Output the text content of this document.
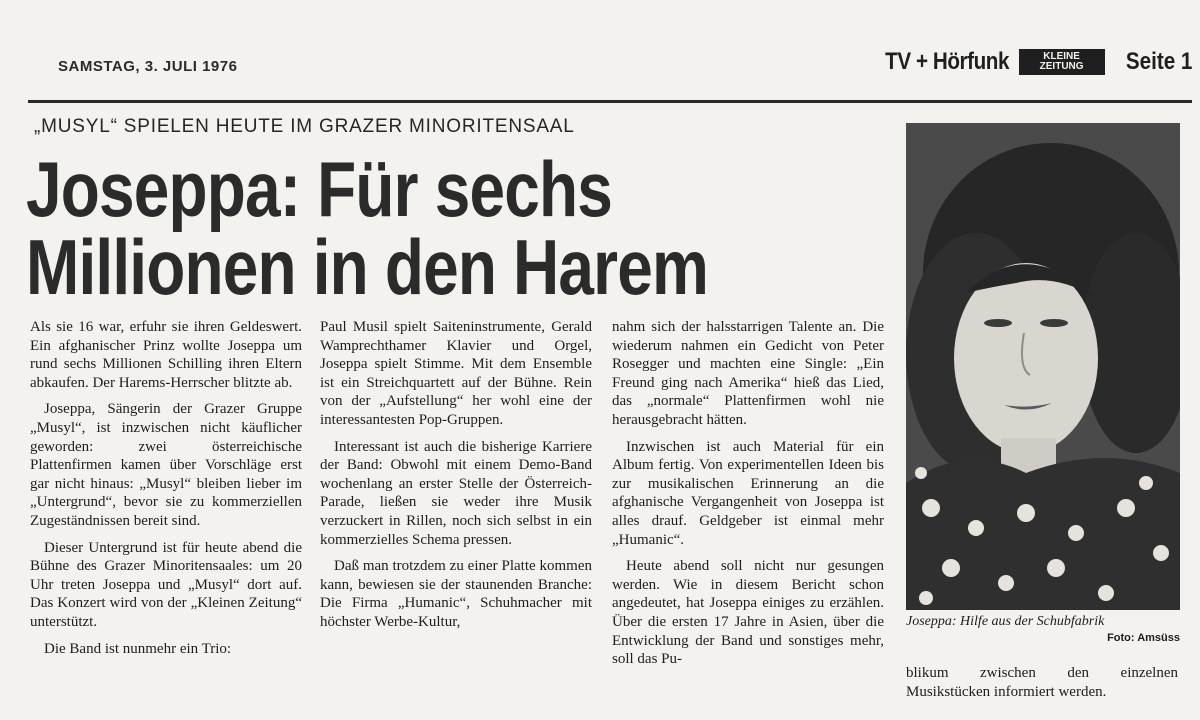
SAMSTAG, 3. JULI 1976	TV + Hörfunk	KLEINE
ZEITUNG	Seite 1
„MUSYL“ SPIELEN HEUTE IM GRAZER MINORITENSAAL
Joseppa: Für sechs
Millionen in den Harem

Als sie 16 war, erfuhr sie ihren Geldeswert. Ein afghanischer Prinz wollte Joseppa um rund sechs Millionen Schilling ihren Eltern abkaufen. Der Harems-Herrscher blitzte ab.

Joseppa, Sängerin der Grazer Gruppe „Musyl“, ist inzwischen nicht käuflicher geworden: zwei österreichische Plattenfirmen kamen über Vorschläge erst gar nicht hinaus: „Musyl“ bleiben lieber im „Untergrund“, bevor sie zu kommerziellen Zugeständnissen bereit sind.

Dieser Untergrund ist für heute abend die Bühne des Grazer Minoritensaales: um 20 Uhr treten Joseppa und „Musyl“ dort auf. Das Konzert wird von der „Kleinen Zeitung“ unterstützt.

Die Band ist nunmehr ein Trio:

Paul Musil spielt Saiteninstrumente, Gerald Wamprechthamer Klavier und Orgel, Joseppa spielt Stimme. Mit dem Ensemble ist ein Streichquartett auf der Bühne. Rein von der „Aufstellung“ her wohl eine der interessantesten Pop-Gruppen.

Interessant ist auch die bisherige Karriere der Band: Obwohl mit einem Demo-Band wochenlang an erster Stelle der Österreich-Parade, ließen sie weder ihre Musik verzuckert in Rillen, noch sich selbst in ein kommerzielles Schema pressen.

Daß man trotzdem zu einer Platte kommen kann, bewiesen sie der staunenden Branche: Die Firma „Humanic“, Schuhmacher mit höchster Werbe-Kultur,

nahm sich der halsstarrigen Talente an. Die wiederum nahmen ein Gedicht von Peter Rosegger und machten eine Single: „Ein Freund ging nach Amerika“ hieß das Lied, das „normale“ Plattenfirmen wohl nie herausgebracht hätten.

Inzwischen ist auch Material für ein Album fertig. Von experimentellen Ideen bis zur musikalischen Erinnerung an die afghanische Vergangenheit von Joseppa ist alles drauf. Geldgeber ist einmal mehr „Humanic“.

Heute abend soll nicht nur gesungen werden. Wie in diesem Bericht schon angedeutet, hat Joseppa einiges zu erzählen. Über die ersten 17 Jahre in Asien, über die Entwicklung der Band und sonstiges mehr, soll das Pu-

Joseppa: Hilfe aus der Schubfabrik
Foto: Amsüss
blikum zwischen den einzelnen Musikstücken informiert werden.
